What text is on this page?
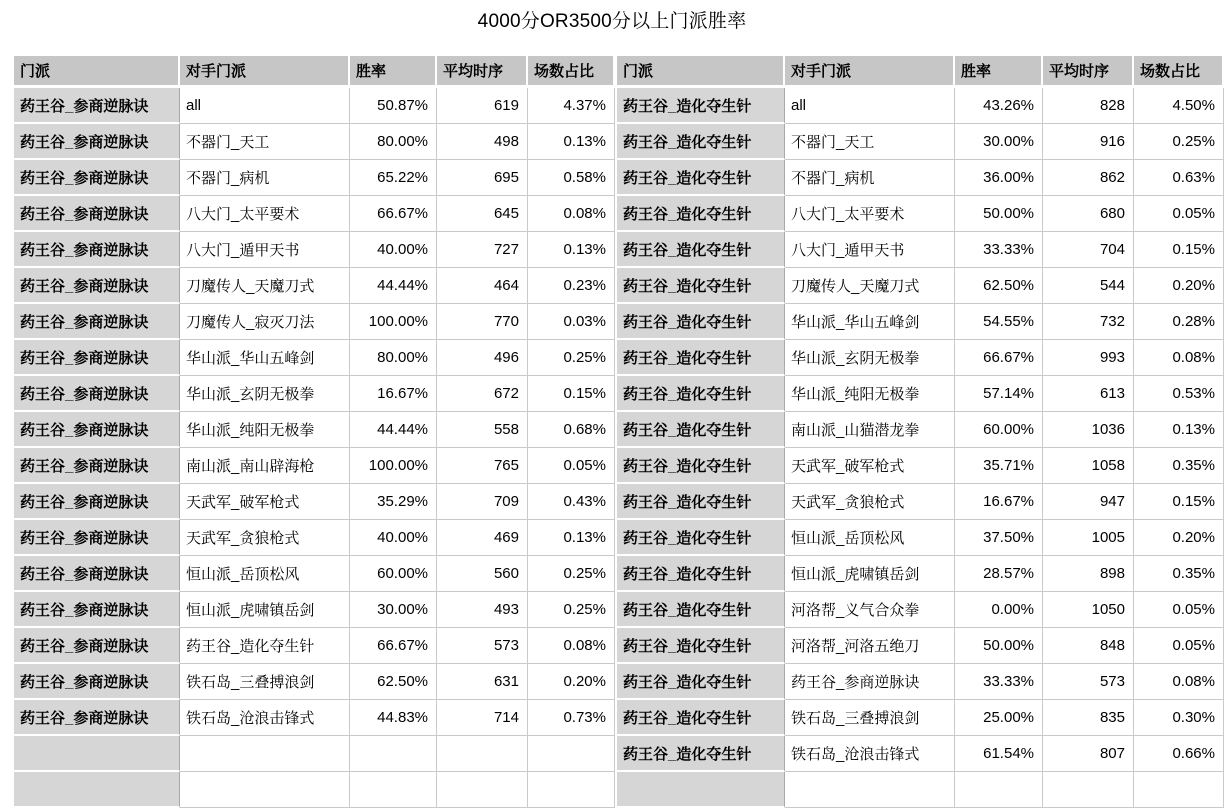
4000分OR3500分以上门派胜率
门派	对手门派	胜率	平均时序	场数占比
药王谷_参商逆脉诀	all	50.87%	619	4.37%
药王谷_参商逆脉诀	不器门_天工	80.00%	498	0.13%
药王谷_参商逆脉诀	不器门_病机	65.22%	695	0.58%
药王谷_参商逆脉诀	八大门_太平要术	66.67%	645	0.08%
药王谷_参商逆脉诀	八大门_遁甲天书	40.00%	727	0.13%
药王谷_参商逆脉诀	刀魔传人_天魔刀式	44.44%	464	0.23%
药王谷_参商逆脉诀	刀魔传人_寂灭刀法	100.00%	770	0.03%
药王谷_参商逆脉诀	华山派_华山五峰剑	80.00%	496	0.25%
药王谷_参商逆脉诀	华山派_玄阴无极拳	16.67%	672	0.15%
药王谷_参商逆脉诀	华山派_纯阳无极拳	44.44%	558	0.68%
药王谷_参商逆脉诀	南山派_南山辟海枪	100.00%	765	0.05%
药王谷_参商逆脉诀	天武军_破军枪式	35.29%	709	0.43%
药王谷_参商逆脉诀	天武军_贪狼枪式	40.00%	469	0.13%
药王谷_参商逆脉诀	恒山派_岳顶松风	60.00%	560	0.25%
药王谷_参商逆脉诀	恒山派_虎啸镇岳剑	30.00%	493	0.25%
药王谷_参商逆脉诀	药王谷_造化夺生针	66.67%	573	0.08%
药王谷_参商逆脉诀	铁石岛_三叠搏浪剑	62.50%	631	0.20%
药王谷_参商逆脉诀	铁石岛_沧浪击锋式	44.83%	714	0.73%

门派	对手门派	胜率	平均时序	场数占比
药王谷_造化夺生针	all	43.26%	828	4.50%
药王谷_造化夺生针	不器门_天工	30.00%	916	0.25%
药王谷_造化夺生针	不器门_病机	36.00%	862	0.63%
药王谷_造化夺生针	八大门_太平要术	50.00%	680	0.05%
药王谷_造化夺生针	八大门_遁甲天书	33.33%	704	0.15%
药王谷_造化夺生针	刀魔传人_天魔刀式	62.50%	544	0.20%
药王谷_造化夺生针	华山派_华山五峰剑	54.55%	732	0.28%
药王谷_造化夺生针	华山派_玄阴无极拳	66.67%	993	0.08%
药王谷_造化夺生针	华山派_纯阳无极拳	57.14%	613	0.53%
药王谷_造化夺生针	南山派_山猫潜龙拳	60.00%	1036	0.13%
药王谷_造化夺生针	天武军_破军枪式	35.71%	1058	0.35%
药王谷_造化夺生针	天武军_贪狼枪式	16.67%	947	0.15%
药王谷_造化夺生针	恒山派_岳顶松风	37.50%	1005	0.20%
药王谷_造化夺生针	恒山派_虎啸镇岳剑	28.57%	898	0.35%
药王谷_造化夺生针	河洛帮_义气合众拳	0.00%	1050	0.05%
药王谷_造化夺生针	河洛帮_河洛五绝刀	50.00%	848	0.05%
药王谷_造化夺生针	药王谷_参商逆脉诀	33.33%	573	0.08%
药王谷_造化夺生针	铁石岛_三叠搏浪剑	25.00%	835	0.30%
药王谷_造化夺生针	铁石岛_沧浪击锋式	61.54%	807	0.66%
